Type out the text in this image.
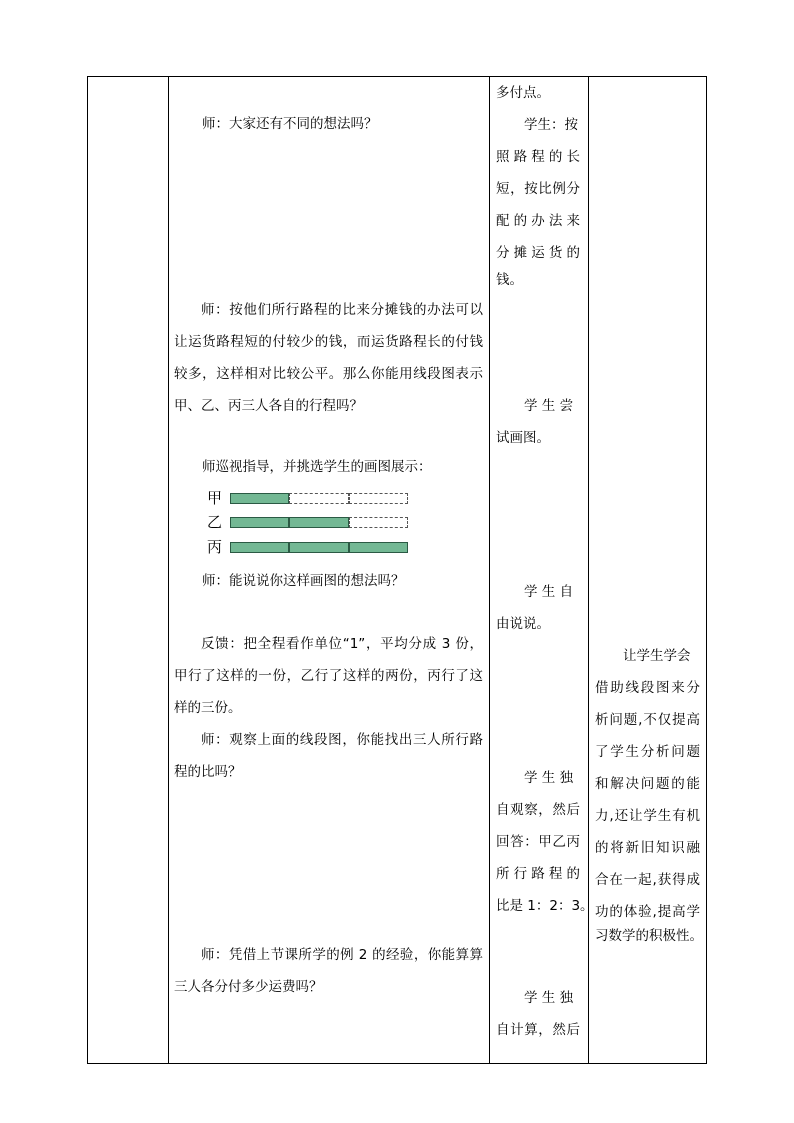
师：大家还有不同的想法吗？
师：按他们所行路程的比来分摊钱的办法可以
让运货路程短的付较少的钱，而运货路程长的付钱
较多，这样相对比较公平。那么你能用线段图表示
甲、乙、丙三人各自的行程吗？
师巡视指导，并挑选学生的画图展示：
甲
乙
丙
师：能说说你这样画图的想法吗？
反馈：把全程看作单位“1”，平均分成 3 份，
甲行了这样的一份，乙行了这样的两份，丙行了这
样的三份。
师：观察上面的线段图，你能找出三人所行路
程的比吗？
师：凭借上节课所学的例 2 的经验，你能算算
三人各分付多少运费吗？
多付点。
学生：按
照路程的长
短，按比例分
配的办法来
分摊运货的
钱。
学 生 尝
试画图。
学 生 自
由说说。
学 生 独
自观察，然后
回答：甲乙丙
所行路程的
比是 1：2：3。
学 生 独
自计算，然后
让学生学会
借助线段图来分
析问题,不仅提高
了学生分析问题
和解决问题的能
力,还让学生有机
的将新旧知识融
合在一起,获得成
功的体验,提高学
习数学的积极性。
